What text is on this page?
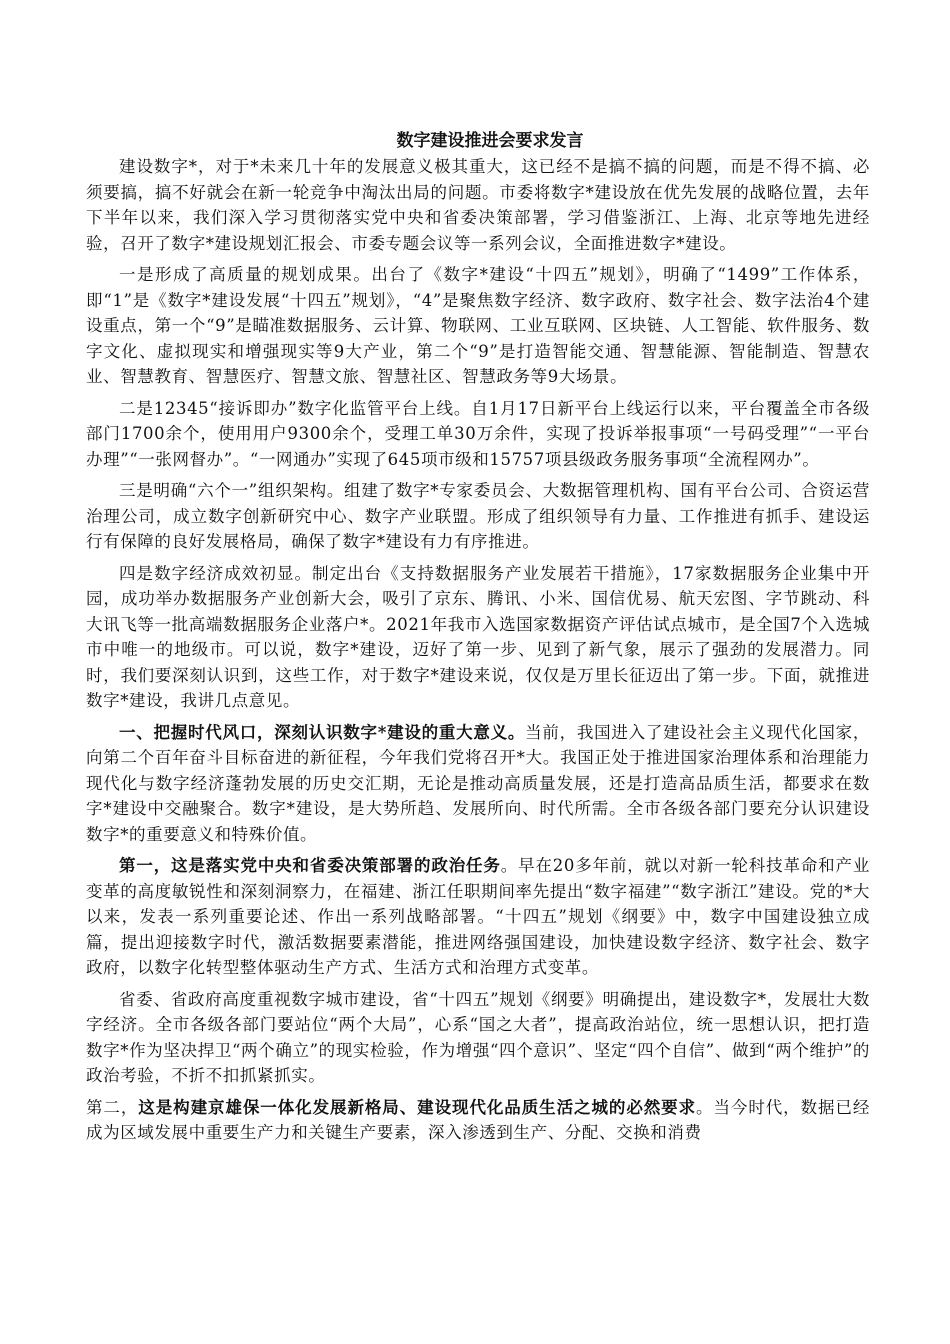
数字建设推进会要求发言

建设数字*，对于*未来几十年的发展意义极其重大，这已经不是搞不搞的问题，而是不得不搞、必须要搞，搞不好就会在新一轮竞争中淘汰出局的问题。市委将数字*建设放在优先发展的战略位置，去年下半年以来，我们深入学习贯彻落实党中央和省委决策部署，学习借鉴浙江、上海、北京等地先进经验，召开了数字*建设规划汇报会、市委专题会议等一系列会议，全面推进数字*建设。

一是形成了高质量的规划成果。出台了《数字*建设“十四五”规划》，明确了“1499”工作体系，即“1”是《数字*建设发展“十四五”规划》，“4”是聚焦数字经济、数字政府、数字社会、数字法治4个建设重点，第一个“9”是瞄准数据服务、云计算、物联网、工业互联网、区块链、人工智能、软件服务、数字文化、虚拟现实和增强现实等9大产业，第二个“9”是打造智能交通、智慧能源、智能制造、智慧农业、智慧教育、智慧医疗、智慧文旅、智慧社区、智慧政务等9大场景。

二是12345“接诉即办”数字化监管平台上线。自1月17日新平台上线运行以来，平台覆盖全市各级部门1700余个，使用用户9300余个，受理工单30万余件，实现了投诉举报事项“一号码受理”“一平台办理”“一张网督办”。“一网通办”实现了645项市级和15757项县级政务服务事项“全流程网办”。

三是明确“六个一”组织架构。组建了数字*专家委员会、大数据管理机构、国有平台公司、合资运营治理公司，成立数字创新研究中心、数字产业联盟。形成了组织领导有力量、工作推进有抓手、建设运行有保障的良好发展格局，确保了数字*建设有力有序推进。

四是数字经济成效初显。制定出台《支持数据服务产业发展若干措施》，17家数据服务企业集中开园，成功举办数据服务产业创新大会，吸引了京东、腾讯、小米、国信优易、航天宏图、字节跳动、科大讯飞等一批高端数据服务企业落户*。2021年我市入选国家数据资产评估试点城市，是全国7个入选城市中唯一的地级市。可以说，数字*建设，迈好了第一步、见到了新气象，展示了强劲的发展潜力。同时，我们要深刻认识到，这些工作，对于数字*建设来说，仅仅是万里长征迈出了第一步。下面，就推进数字*建设，我讲几点意见。

一、把握时代风口，深刻认识数字*建设的重大意义。当前，我国进入了建设社会主义现代化国家，向第二个百年奋斗目标奋进的新征程，今年我们党将召开*大。我国正处于推进国家治理体系和治理能力现代化与数字经济蓬勃发展的历史交汇期，无论是推动高质量发展，还是打造高品质生活，都要求在数字*建设中交融聚合。数字*建设，是大势所趋、发展所向、时代所需。全市各级各部门要充分认识建设数字*的重要意义和特殊价值。

第一，这是落实党中央和省委决策部署的政治任务。早在20多年前，就以对新一轮科技革命和产业变革的高度敏锐性和深刻洞察力，在福建、浙江任职期间率先提出“数字福建”“数字浙江”建设。党的*大以来，发表一系列重要论述、作出一系列战略部署。“十四五”规划《纲要》中，数字中国建设独立成篇，提出迎接数字时代，激活数据要素潜能，推进网络强国建设，加快建设数字经济、数字社会、数字政府，以数字化转型整体驱动生产方式、生活方式和治理方式变革。

省委、省政府高度重视数字城市建设，省“十四五”规划《纲要》明确提出，建设数字*，发展壮大数字经济。全市各级各部门要站位“两个大局”，心系“国之大者”，提高政治站位，统一思想认识，把打造数字*作为坚决捍卫“两个确立”的现实检验，作为增强“四个意识”、坚定“四个自信”、做到“两个维护”的政治考验，不折不扣抓紧抓实。

第二，这是构建京雄保一体化发展新格局、建设现代化品质生活之城的必然要求。当今时代，数据已经成为区域发展中重要生产力和关键生产要素，深入渗透到生产、分配、交换和消费
